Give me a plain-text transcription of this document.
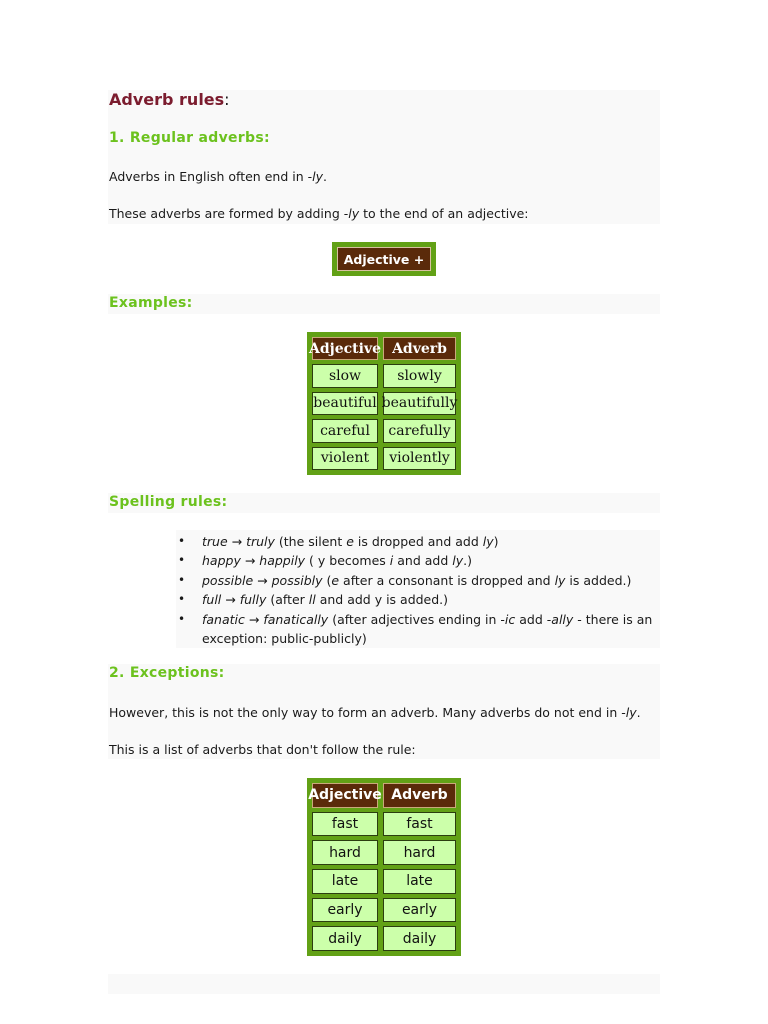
Adverb rules:
1. Regular adverbs:
Adverbs in English often end in -ly.
These adverbs are formed by adding -ly to the end of an adjective:
Adjective + ly
Examples:
Adjective Adverb
slow	slowly
beautiful beautifully
careful	carefully
violent	violently
Spelling rules:
• true → truly (the silent e is dropped and add ly)
• happy → happily ( y becomes i and add ly.)
• possible → possibly (e after a consonant is dropped and ly is added.)
• full → fully (after ll and add y is added.)
• fanatic → fanatically (after adjectives ending in -ic add -ally - there is an exception: public-publicly)
2. Exceptions:
However, this is not the only way to form an adverb. Many adverbs do not end in -ly.
This is a list of adverbs that don't follow the rule:
Adjective Adverb
fast	fast
hard	hard
late	late
early	early
daily	daily
